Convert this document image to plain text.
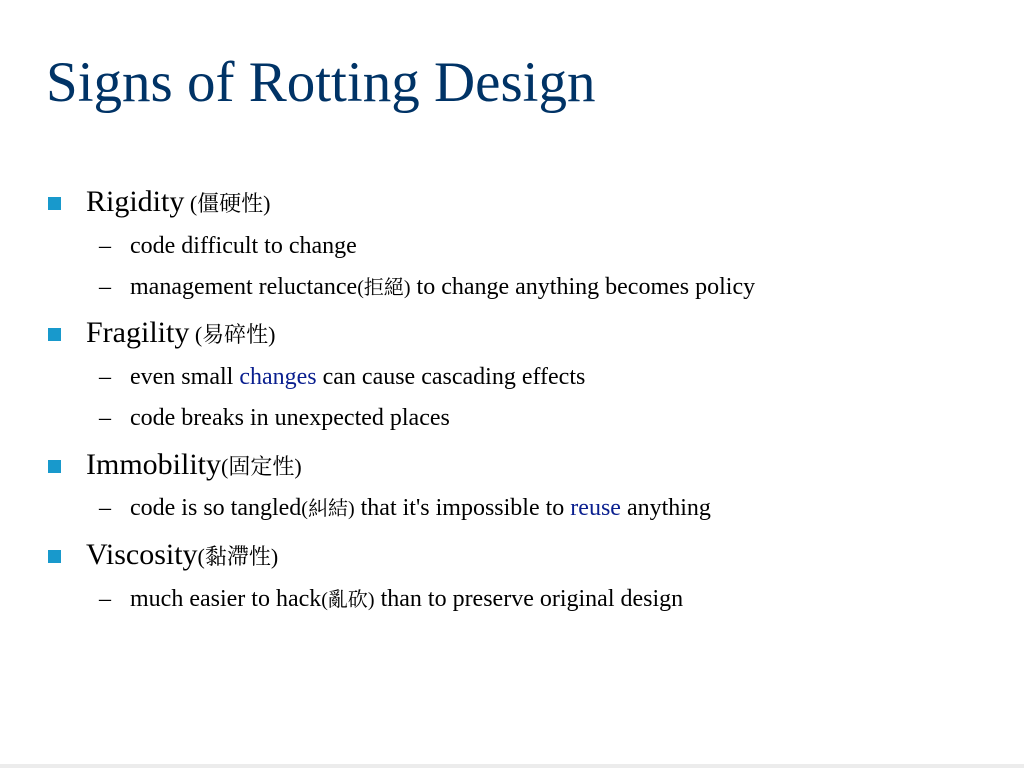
Signs of Rotting Design
Rigidity (僵硬性)
– code difficult to change
– management reluctance(拒絕) to change anything becomes policy
Fragility (易碎性)
– even small changes can cause cascading effects
– code breaks in unexpected places
Immobility(固定性)
– code is so tangled(糾結) that it's impossible to reuse anything
Viscosity(黏滯性)
– much easier to hack(亂砍) than to preserve original design
